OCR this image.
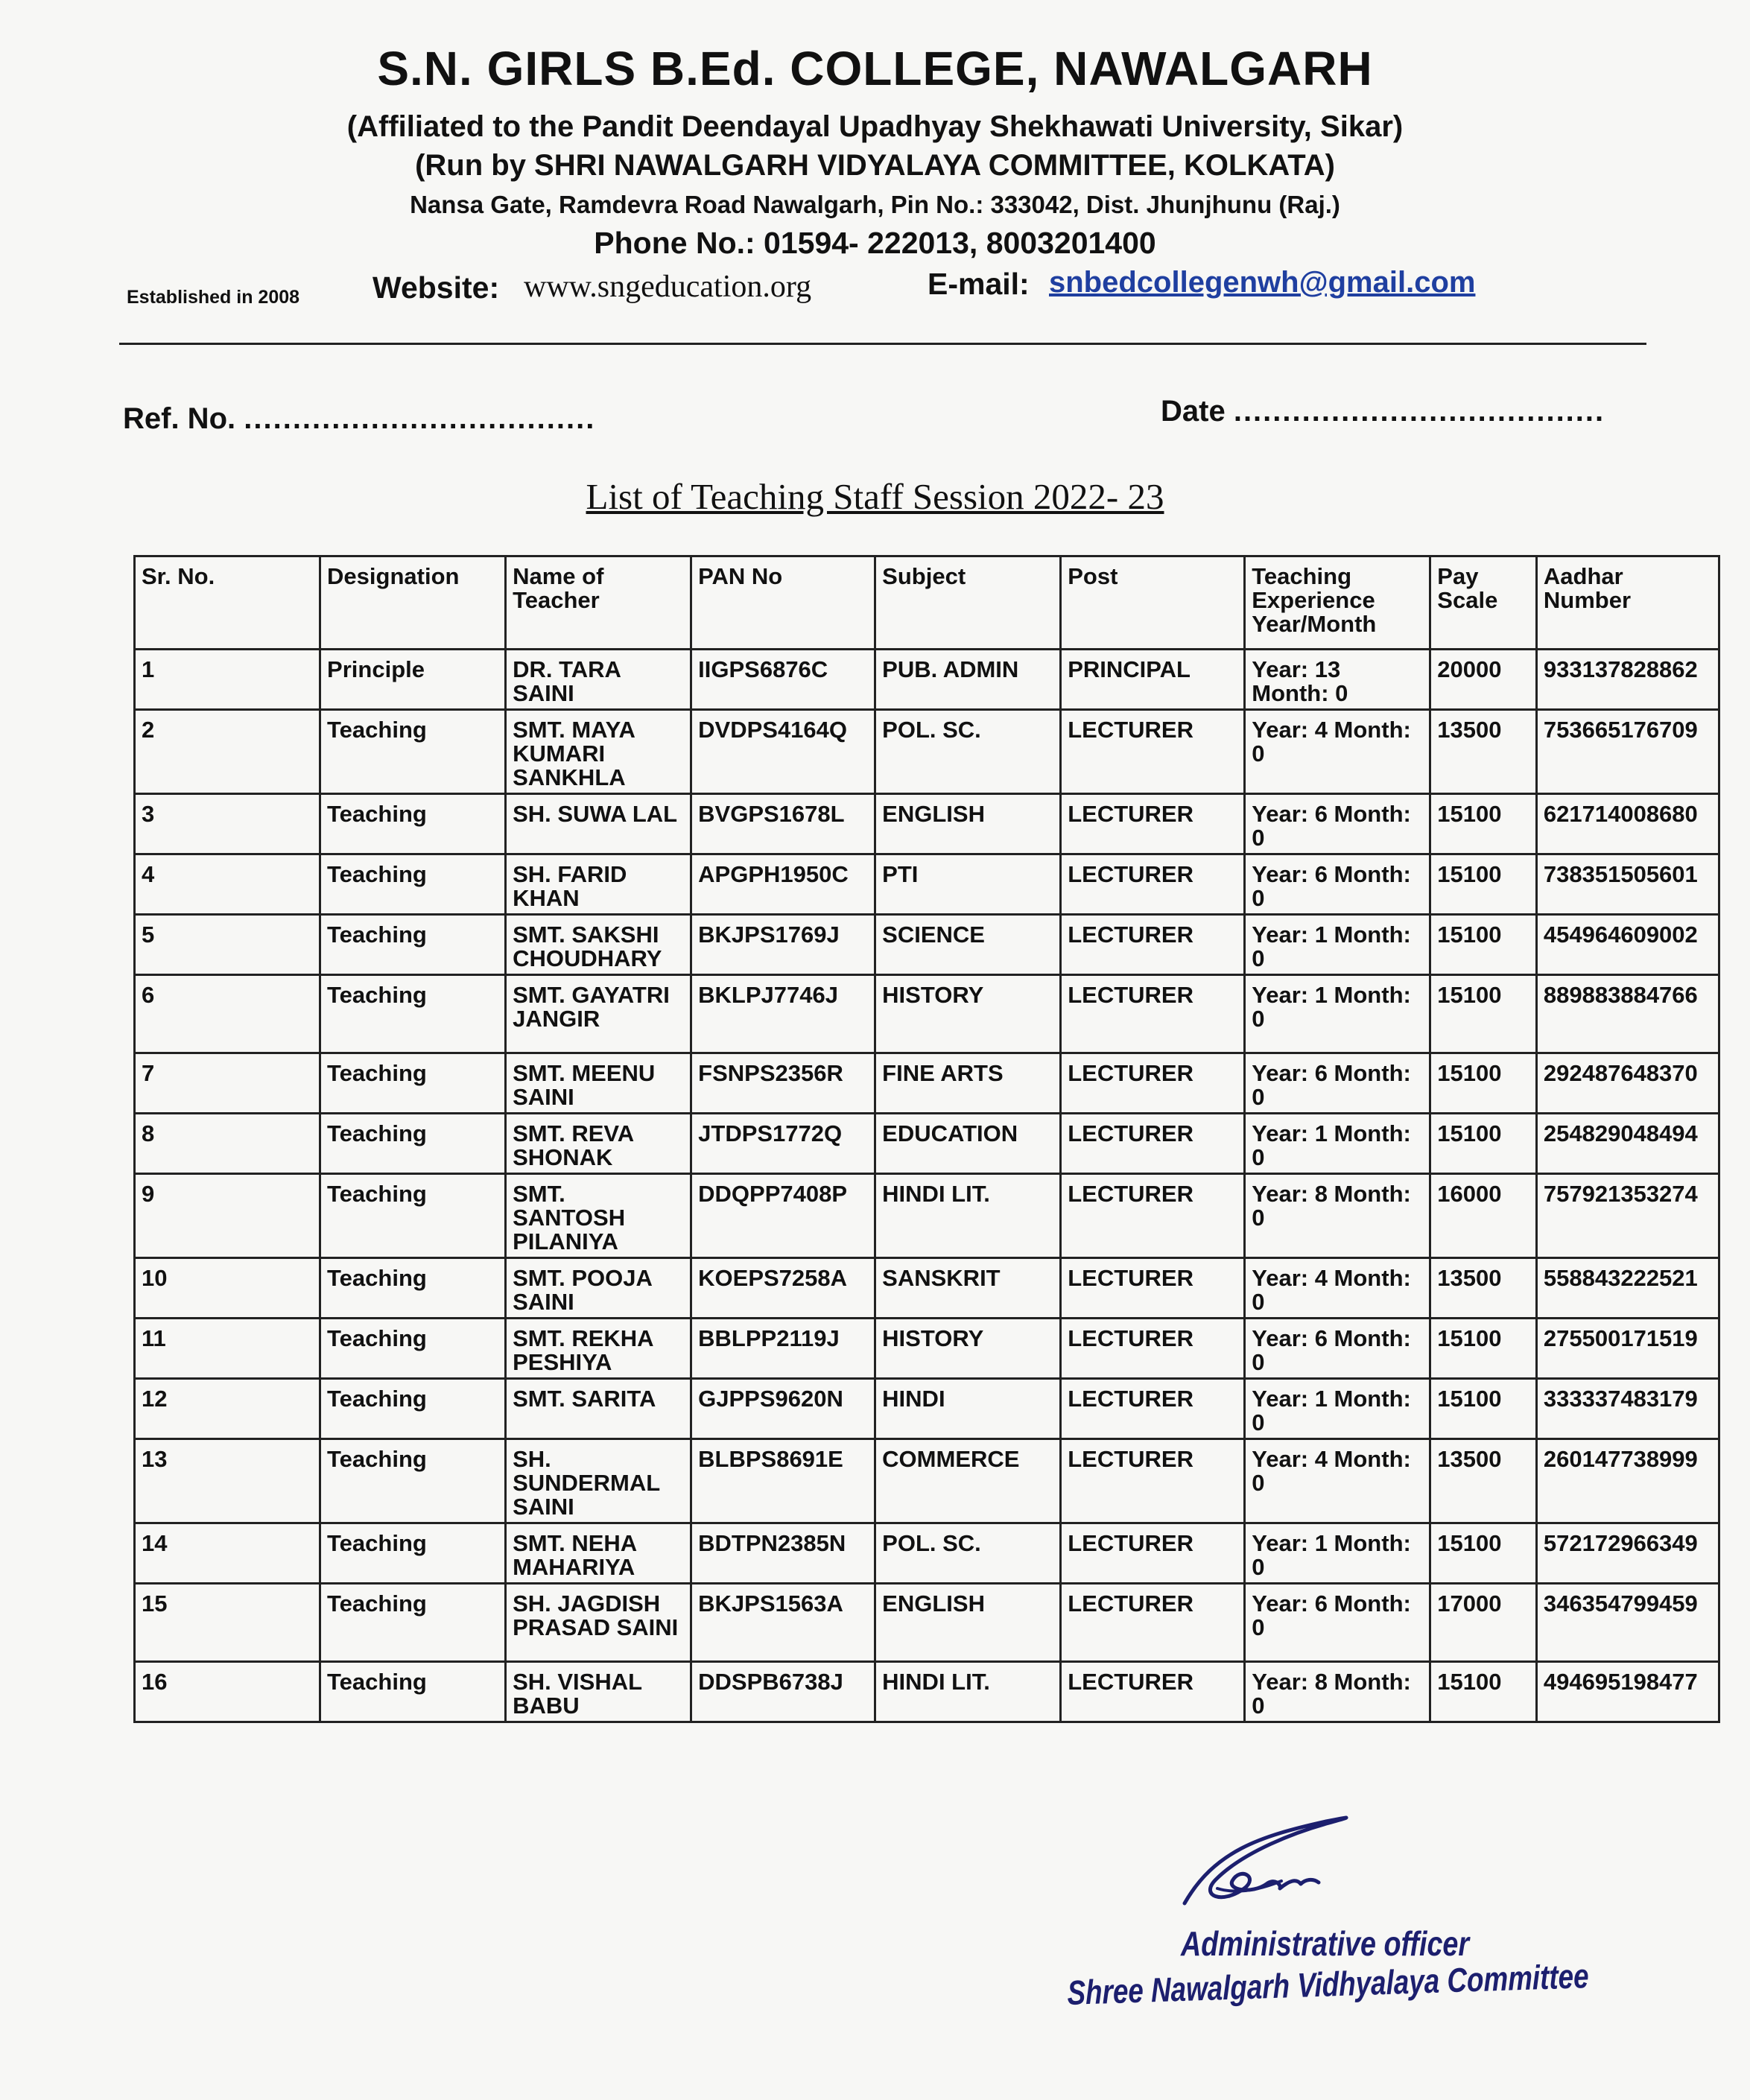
S.N. GIRLS B.Ed. COLLEGE, NAWALGARH
(Affiliated to the Pandit Deendayal Upadhyay Shekhawati University, Sikar)
(Run by SHRI NAWALGARH VIDYALAYA COMMITTEE, KOLKATA)
Nansa Gate, Ramdevra Road Nawalgarh, Pin No.: 333042, Dist. Jhunjhunu (Raj.)
Phone No.: 01594- 222013, 8003201400
Established in 2008 Website: www.sngeducation.org	E-mail: snbedcollegenwh@gmail.com
Ref. No. ....................................	Date ......................................
List of Teaching Staff Session 2022- 23
Sr. No.	Designation	Name of Teacher	PAN No	Subject	Post	Teaching Experience Year/Month	Pay Scale	Aadhar Number
1	Principle	DR. TARA SAINI	IIGPS6876C	PUB. ADMIN	PRINCIPAL	Year: 13 Month: 0	20000	933137828862
2	Teaching	SMT. MAYA KUMARI SANKHLA	DVDPS4164Q	POL. SC.	LECTURER	Year: 4 Month: 0	13500	753665176709
3	Teaching	SH. SUWA LAL	BVGPS1678L	ENGLISH	LECTURER	Year: 6 Month: 0	15100	621714008680
4	Teaching	SH. FARID KHAN	APGPH1950C	PTI	LECTURER	Year: 6 Month: 0	15100	738351505601
5	Teaching	SMT. SAKSHI CHOUDHARY	BKJPS1769J	SCIENCE	LECTURER	Year: 1 Month: 0	15100	454964609002
6	Teaching	SMT. GAYATRI JANGIR	BKLPJ7746J	HISTORY	LECTURER	Year: 1 Month: 0	15100	889883884766
7	Teaching	SMT. MEENU SAINI	FSNPS2356R	FINE ARTS	LECTURER	Year: 6 Month: 0	15100	292487648370
8	Teaching	SMT. REVA SHONAK	JTDPS1772Q	EDUCATION	LECTURER	Year: 1 Month: 0	15100	254829048494
9	Teaching	SMT. SANTOSH PILANIYA	DDQPP7408P	HINDI LIT.	LECTURER	Year: 8 Month: 0	16000	757921353274
10	Teaching	SMT. POOJA SAINI	KOEPS7258A	SANSKRIT	LECTURER	Year: 4 Month: 0	13500	558843222521
11	Teaching	SMT. REKHA PESHIYA	BBLPP2119J	HISTORY	LECTURER	Year: 6 Month: 0	15100	275500171519
12	Teaching	SMT. SARITA	GJPPS9620N	HINDI	LECTURER	Year: 1 Month: 0	15100	333337483179
13	Teaching	SH. SUNDERMAL SAINI	BLBPS8691E	COMMERCE	LECTURER	Year: 4 Month: 0	13500	260147738999
14	Teaching	SMT. NEHA MAHARIYA	BDTPN2385N	POL. SC.	LECTURER	Year: 1 Month: 0	15100	572172966349
15	Teaching	SH. JAGDISH PRASAD SAINI	BKJPS1563A	ENGLISH	LECTURER	Year: 6 Month: 0	17000	346354799459
16	Teaching	SH. VISHAL BABU	DDSPB6738J	HINDI LIT.	LECTURER	Year: 8 Month: 0	15100	494695198477
Administrative officer
Shree Nawalgarh Vidhyalaya Committee
